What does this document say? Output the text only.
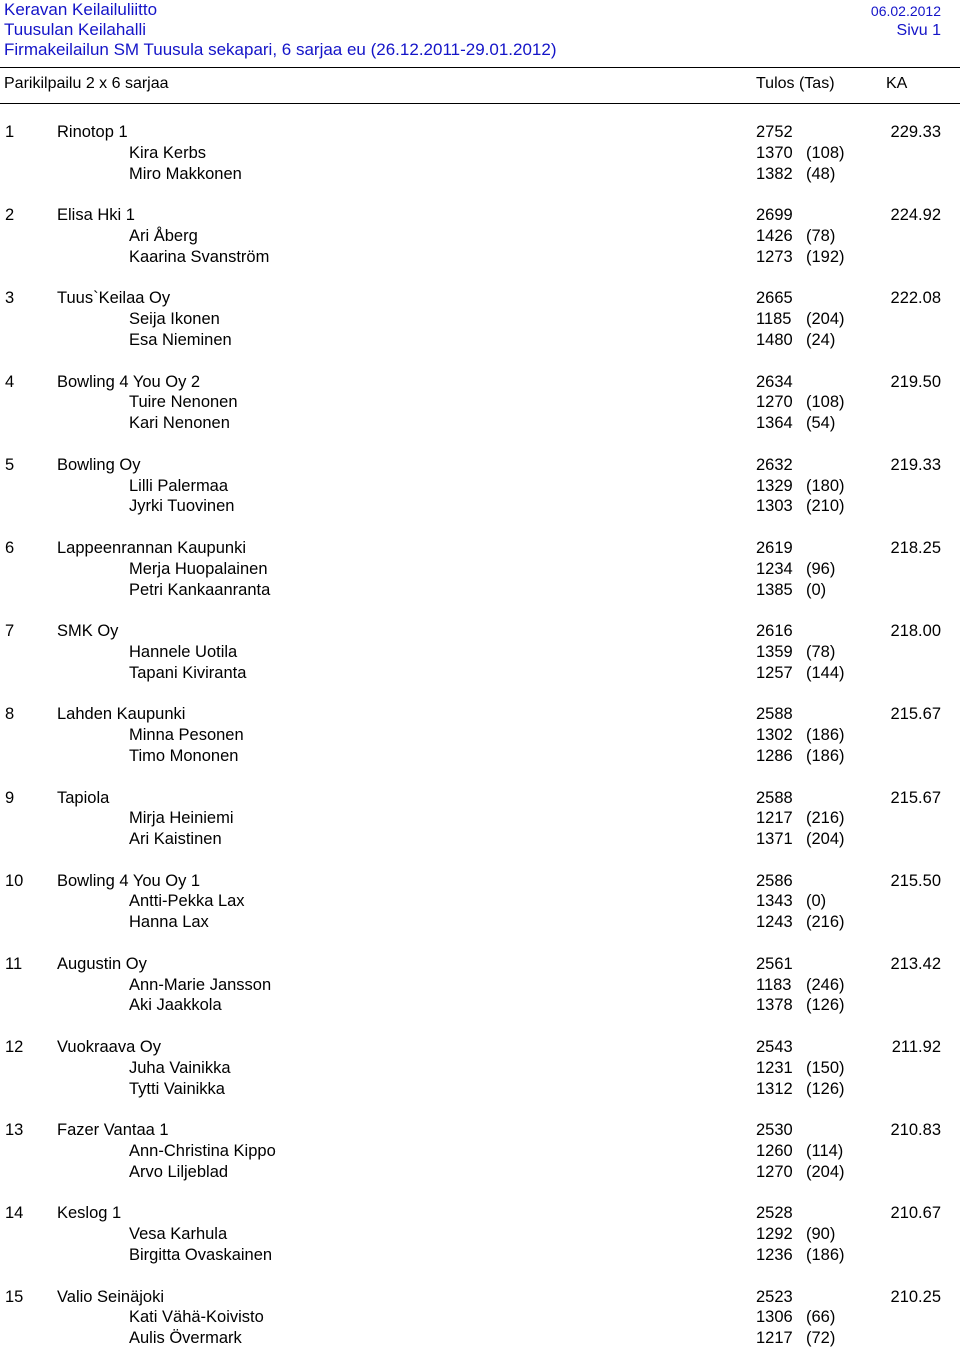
Keravan Keilailuliitto	06.02.2012
Tuusulan Keilahalli	Sivu 1
Firmakeilailun SM Tuusula sekapari, 6 sarjaa eu (26.12.2011-29.01.2012)
Parikilpailu 2 x 6 sarjaa	Tulos (Tas)	KA
1	Rinotop 1	2752	229.33
Kira Kerbs	1370 (108)
Miro Makkonen	1382 (48)
2	Elisa Hki 1	2699	224.92
Ari Åberg	1426 (78)
Kaarina Svanström	1273 (192)
3	Tuus`Keilaa Oy	2665	222.08
Seija Ikonen	1185 (204)
Esa Nieminen	1480 (24)
4	Bowling 4 You Oy 2	2634	219.50
Tuire Nenonen	1270 (108)
Kari Nenonen	1364 (54)
5	Bowling Oy	2632	219.33
Lilli Palermaa	1329 (180)
Jyrki Tuovinen	1303 (210)
6	Lappeenrannan Kaupunki	2619	218.25
Merja Huopalainen	1234 (96)
Petri Kankaanranta	1385 (0)
7	SMK Oy	2616	218.00
Hannele Uotila	1359 (78)
Tapani Kiviranta	1257 (144)
8	Lahden Kaupunki	2588	215.67
Minna Pesonen	1302 (186)
Timo Mononen	1286 (186)
9	Tapiola	2588	215.67
Mirja Heiniemi	1217 (216)
Ari Kaistinen	1371 (204)
10 Bowling 4 You Oy 1	2586	215.50
Antti-Pekka Lax	1343 (0)
Hanna Lax	1243 (216)
11 Augustin Oy	2561	213.42
Ann-Marie Jansson	1183 (246)
Aki Jaakkola	1378 (126)
12 Vuokraava Oy	2543	211.92
Juha Vainikka	1231 (150)
Tytti Vainikka	1312 (126)
13 Fazer Vantaa 1	2530	210.83
Ann-Christina Kippo	1260 (114)
Arvo Liljeblad	1270 (204)
14 Keslog 1	2528	210.67
Vesa Karhula	1292 (90)
Birgitta Ovaskainen	1236 (186)
15 Valio Seinäjoki	2523	210.25
Kati Vähä-Koivisto	1306 (66)
Aulis Övermark	1217 (72)
